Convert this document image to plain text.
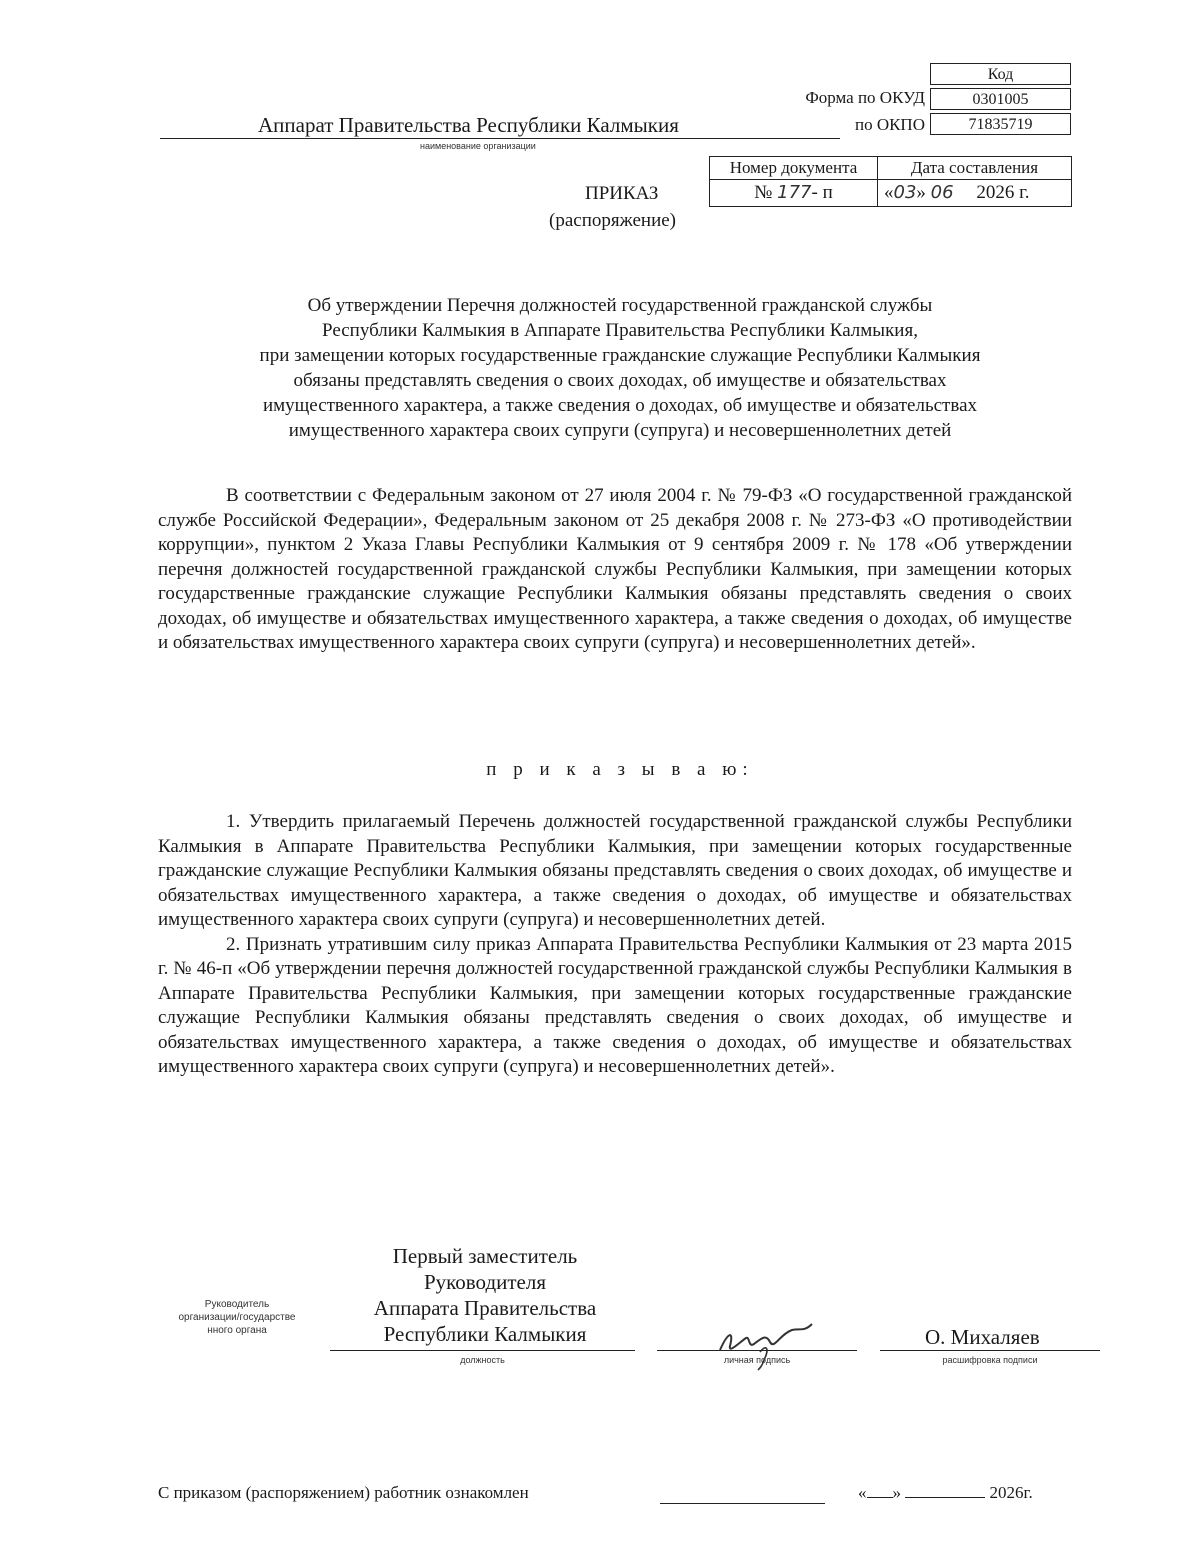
Код
Форма по ОКУД	0301005
Аппарат Правительства Республики Калмыкия
наименование организации
по ОКПО	71835719
ПРИКАЗ
(распоряжение)
Номер документа	Дата составления
№ 177- п	«03» 06 2026 г.
Об утверждении Перечня должностей государственной гражданской службы
Республики Калмыкия в Аппарате Правительства Республики Калмыкия,
при замещении которых государственные гражданские служащие Республики Калмыкия
обязаны представлять сведения о своих доходах, об имуществе и обязательствах
имущественного характера, а также сведения о доходах, об имуществе и обязательствах
имущественного характера своих супруги (супруга) и несовершеннолетних детей

В соответствии с Федеральным законом от 27 июля 2004 г. № 79-ФЗ «О государственной гражданской службе Российской Федерации», Федеральным законом от 25 декабря 2008 г. № 273-ФЗ «О противодействии коррупции», пунктом 2 Указа Главы Республики Калмыкия от 9 сентября 2009 г. № 178 «Об утверждении перечня должностей государственной гражданской службы Республики Калмыкия, при замещении которых государственные гражданские служащие Республики Калмыкия обязаны представлять сведения о своих доходах, об имуществе и обязательствах имущественного характера, а также сведения о доходах, об имуществе и обязательствах имущественного характера своих супруги (супруга) и несовершеннолетних детей».

п р и к а з ы в а ю:

1. Утвердить прилагаемый Перечень должностей государственной гражданской службы Республики Калмыкия в Аппарате Правительства Республики Калмыкия, при замещении которых государственные гражданские служащие Республики Калмыкия обязаны представлять сведения о своих доходах, об имуществе и обязательствах имущественного характера, а также сведения о доходах, об имуществе и обязательствах имущественного характера своих супруги (супруга) и несовершеннолетних детей.

2. Признать утратившим силу приказ Аппарата Правительства Республики Калмыкия от 23 марта 2015 г. № 46-п «Об утверждении перечня должностей государственной гражданской службы Республики Калмыкия в Аппарате Правительства Республики Калмыкия, при замещении которых государственные гражданские служащие Республики Калмыкия обязаны представлять сведения о своих доходах, об имуществе и обязательствах имущественного характера, а также сведения о доходах, об имуществе и обязательствах имущественного характера своих супруги (супруга) и несовершеннолетних детей».

Руководитель
организации/государстве
нного органа
Первый заместитель
Руководителя
Аппарата Правительства
Республики Калмыкия
должность	личная подпись
О. Михаляев
расшифровка подписи
С приказом (распоряжением) работник ознакомлен	« »	2026г.
